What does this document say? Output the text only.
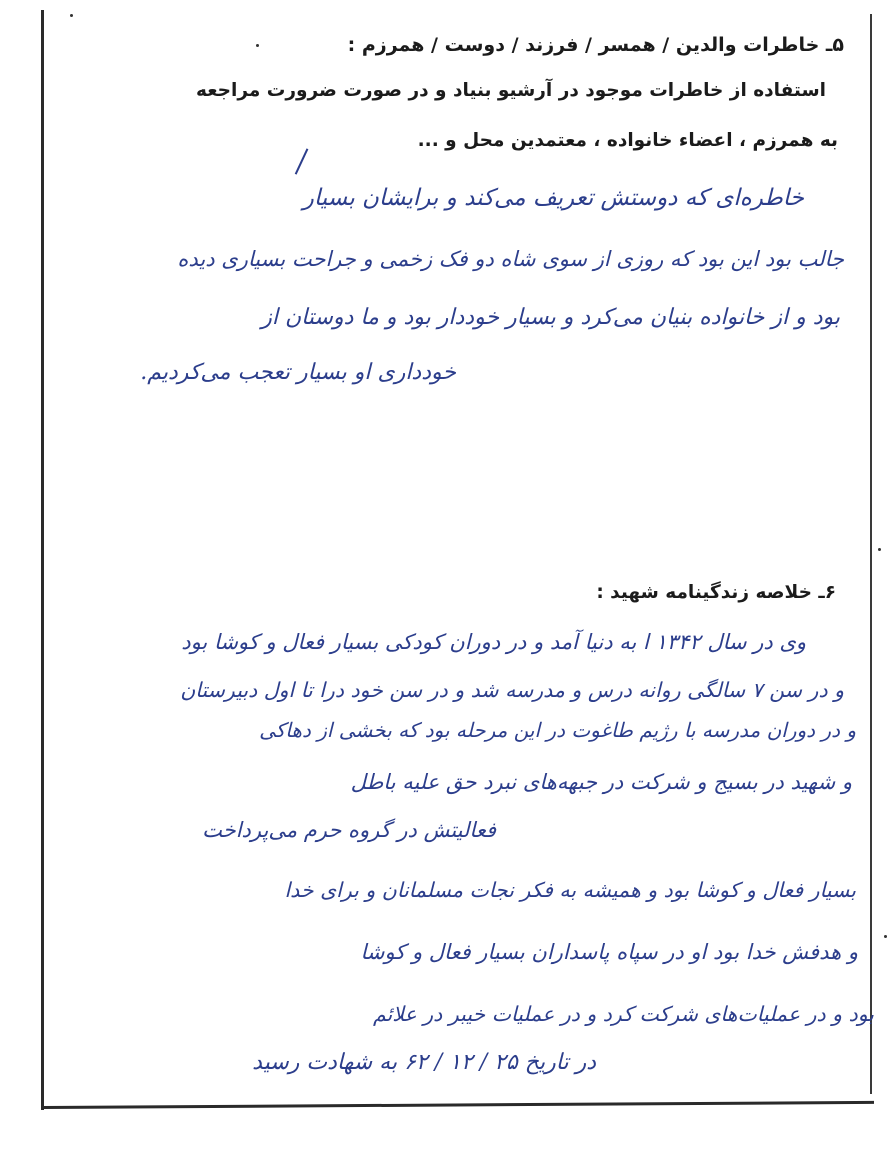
۵ـ خاطرات والدین / همسر / فرزند / دوست / همرزم :
استفاده از خاطرات موجود در آرشیو بنیاد و در صورت ضرورت مراجعه
به همرزم ، اعضاء خانواده ، معتمدین محل و ...
خاطره‌ای که دوستش تعریف می‌کند و برایشان بسیار
جالب بود این بود که روزی از سوی شاه دو فک زخمی و جراحت بسیاری دیده
بود و از خانواده بنیان می‌کرد و بسیار خوددار بود و ما دوستان از
خودداری او بسیار تعجب می‌کردیم.
۶ـ خلاصه زندگینامه شهید :
وی در سال ۱۳۴۲ ا به دنیا آمد و در دوران کودکی بسیار فعال و کوشا بود
و در سن ۷ سالگی روانه درس و مدرسه شد و در سن خود درا تا اول دبیرستان
و در دوران مدرسه با رژیم طاغوت در این مرحله بود که بخشی از دهاکی
و شهید در بسیج و شرکت در جبهه‌های نبرد حق علیه باطل
فعالیتش در گروه حرم می‌پرداخت
بسیار فعال و کوشا بود و همیشه به فکر نجات مسلمانان و برای خدا
و هدفش خدا بود او در سپاه پاسداران بسیار فعال و کوشا
بود و در عملیات‌های شرکت کرد و در عملیات خیبر در علائم
در تاریخ ۲۵ / ۱۲ / ۶۲ به شهادت رسید
